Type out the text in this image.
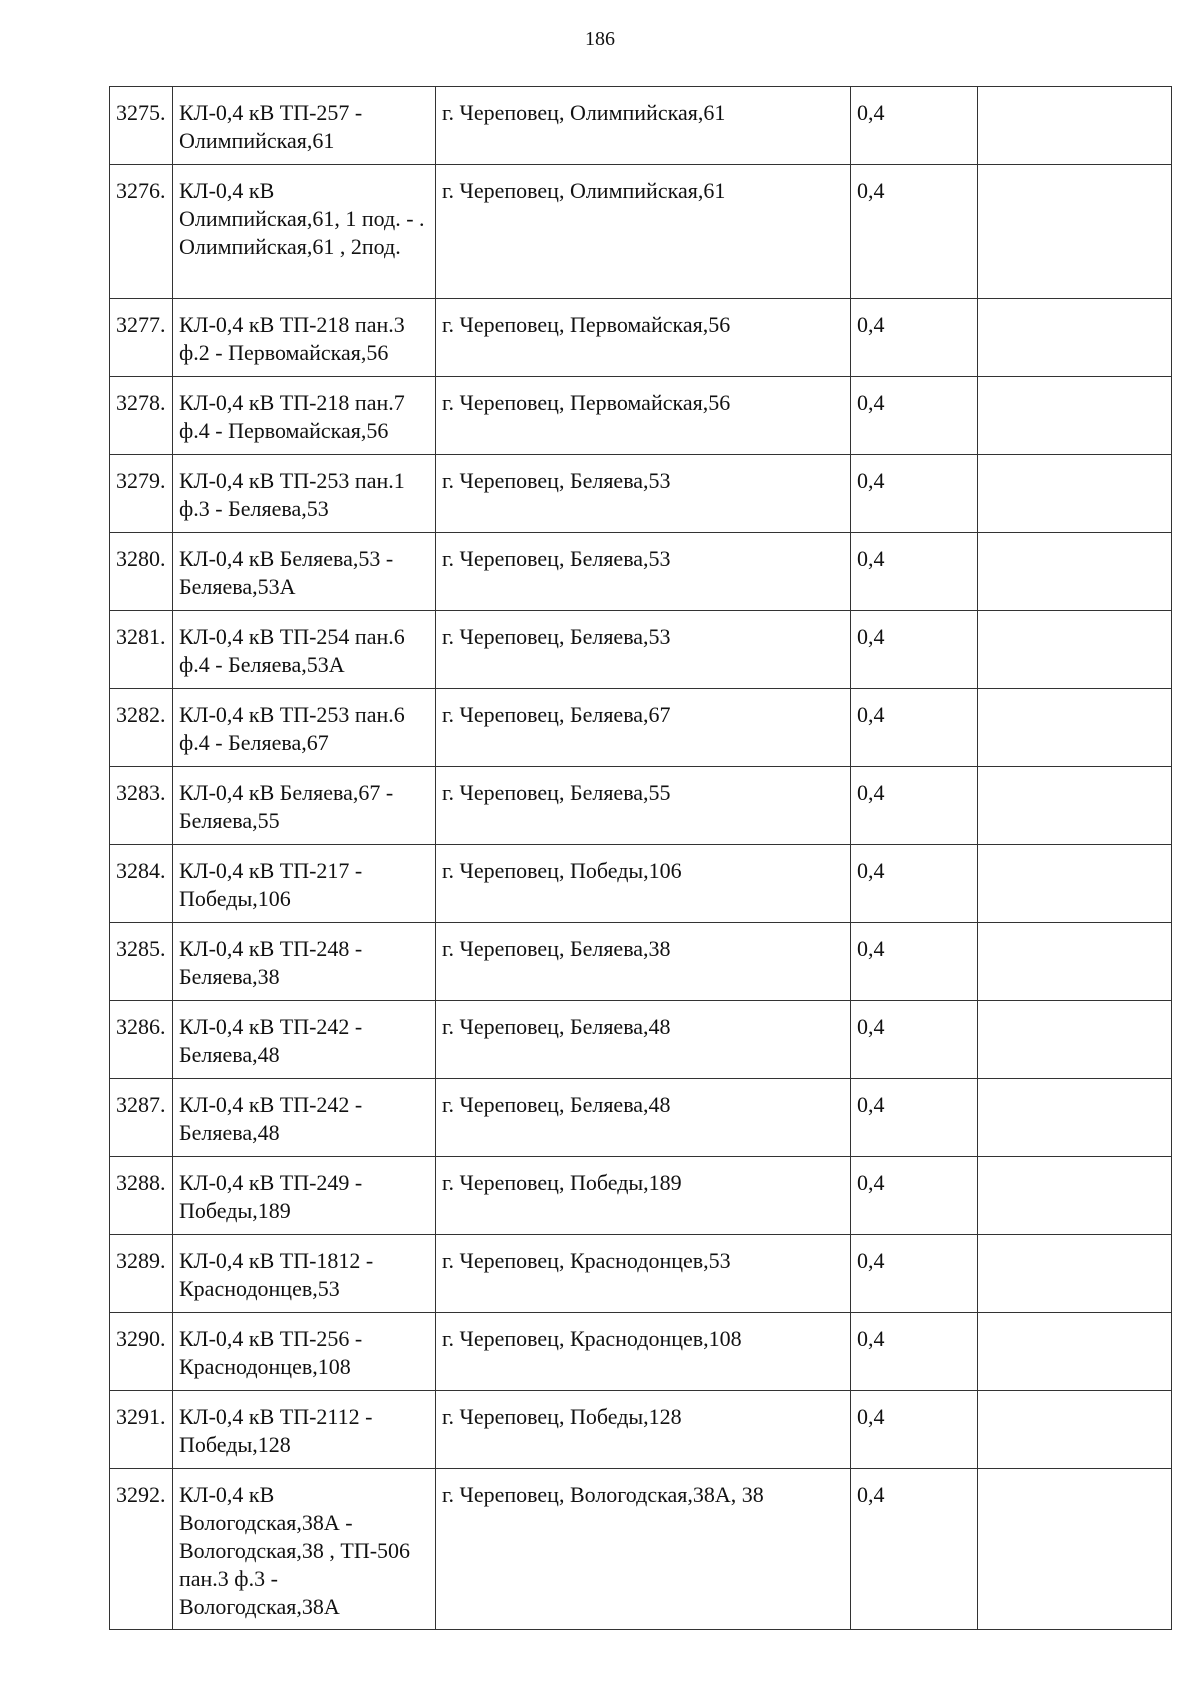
186
3275.	КЛ-0,4 кВ ТП-257 - Олимпийская,61	г. Череповец, Олимпийская,61	0,4	
3276.	КЛ-0,4 кВ Олимпийская,61, 1 под. - . Олимпийская,61 , 2под.	г. Череповец, Олимпийская,61	0,4	
3277.	КЛ-0,4 кВ ТП-218 пан.3 ф.2 - Первомайская,56	г. Череповец, Первомайская,56	0,4	
3278.	КЛ-0,4 кВ ТП-218 пан.7 ф.4 - Первомайская,56	г. Череповец, Первомайская,56	0,4	
3279.	КЛ-0,4 кВ ТП-253 пан.1 ф.3 - Беляева,53	г. Череповец, Беляева,53	0,4	
3280.	КЛ-0,4 кВ Беляева,53 - Беляева,53А	г. Череповец, Беляева,53	0,4	
3281.	КЛ-0,4 кВ ТП-254 пан.6 ф.4 - Беляева,53А	г. Череповец, Беляева,53	0,4	
3282.	КЛ-0,4 кВ ТП-253 пан.6 ф.4 - Беляева,67	г. Череповец, Беляева,67	0,4	
3283.	КЛ-0,4 кВ Беляева,67 - Беляева,55	г. Череповец, Беляева,55	0,4	
3284.	КЛ-0,4 кВ ТП-217 - Победы,106	г. Череповец, Победы,106	0,4	
3285.	КЛ-0,4 кВ ТП-248 - Беляева,38	г. Череповец, Беляева,38	0,4	
3286.	КЛ-0,4 кВ ТП-242 - Беляева,48	г. Череповец, Беляева,48	0,4	
3287.	КЛ-0,4 кВ ТП-242 - Беляева,48	г. Череповец, Беляева,48	0,4	
3288.	КЛ-0,4 кВ ТП-249 - Победы,189	г. Череповец, Победы,189	0,4	
3289.	КЛ-0,4 кВ ТП-1812 - Краснодонцев,53	г. Череповец, Краснодонцев,53	0,4	
3290.	КЛ-0,4 кВ ТП-256 - Краснодонцев,108	г. Череповец, Краснодонцев,108	0,4	
3291.	КЛ-0,4 кВ ТП-2112 - Победы,128	г. Череповец, Победы,128	0,4	
3292.	КЛ-0,4 кВ Вологодская,38А - Вологодская,38 , ТП-506 пан.3 ф.3 - Вологодская,38А	г. Череповец, Вологодская,38А, 38	0,4	
